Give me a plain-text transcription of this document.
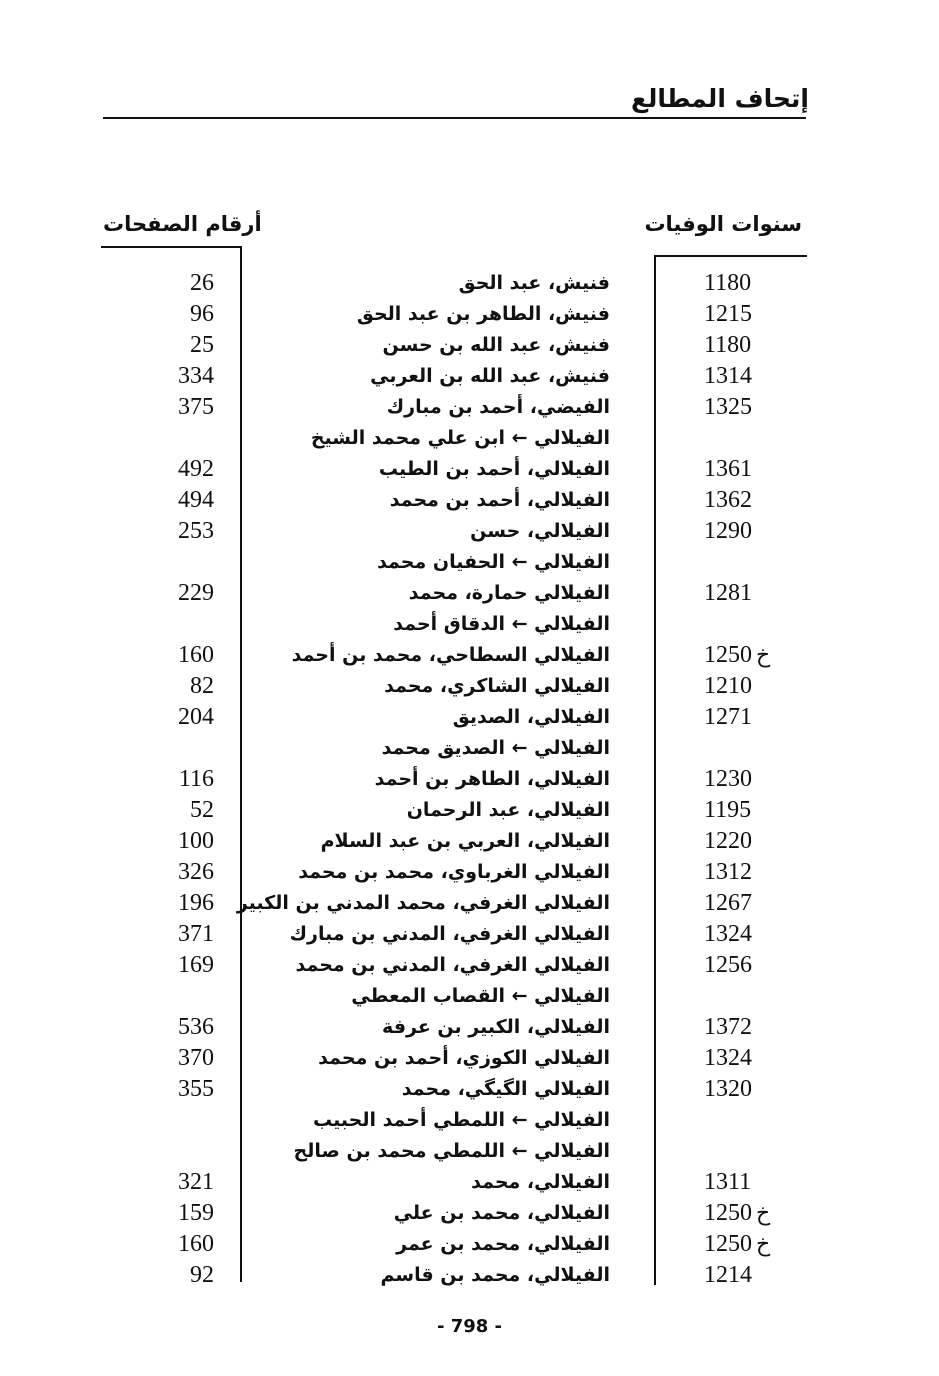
إتحاف المطالع
سنوات الوفيات
أرقام الصفحات
1180
فنيش، عبد الحق
26
1215
فنيش، الطاهر بن عبد الحق
96
1180
فنيش، عبد الله بن حسن
25
1314
فنيش، عبد الله بن العربي
334
1325
الفيضي، أحمد بن مبارك
375
الفيلالي ← ابن علي محمد الشيخ
1361
الفيلالي، أحمد بن الطيب
492
1362
الفيلالي، أحمد بن محمد
494
1290
الفيلالي، حسن
253
الفيلالي ← الحفيان محمد
1281
الفيلالي حمارة، محمد
229
الفيلالي ← الدقاق أحمد
1250 خ
الفيلالي السطاحي، محمد بن أحمد
160
1210
الفيلالي الشاكري، محمد
82
1271
الفيلالي، الصديق
204
الفيلالي ← الصديق محمد
1230
الفيلالي، الطاهر بن أحمد
116
1195
الفيلالي، عبد الرحمان
52
1220
الفيلالي، العربي بن عبد السلام
100
1312
الفيلالي الغرباوي، محمد بن محمد
326
1267
الفيلالي الغرفي، محمد المدني بن الكبير
196
1324
الفيلالي الغرفي، المدني بن مبارك
371
1256
الفيلالي الغرفي، المدني بن محمد
169
الفيلالي ← القصاب المعطي
1372
الفيلالي، الكبير بن عرفة
536
1324
الفيلالي الكوزي، أحمد بن محمد
370
1320
الفيلالي الگيگي، محمد
355
الفيلالي ← اللمطي أحمد الحبيب
الفيلالي ← اللمطي محمد بن صالح
1311
الفيلالي، محمد
321
1250 خ
الفيلالي، محمد بن علي
159
1250 خ
الفيلالي، محمد بن عمر
160
1214
الفيلالي، محمد بن قاسم
92
- 798 -
